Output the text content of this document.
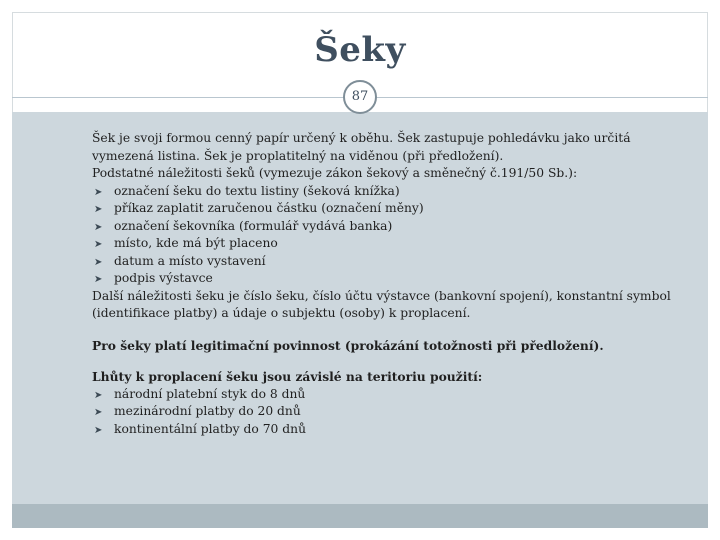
Šeky
87

Šek je svoji formou cenný papír určený k oběhu. Šek zastupuje pohledávku jako určitá vymezená listina. Šek je proplatitelný na viděnou (při předložení).

Podstatné náležitosti šeků (vymezuje zákon šekový a směnečný č.191/50 Sb.):

➤ označení šeku do textu listiny (šeková knížka)
➤ příkaz zaplatit zaručenou částku (označení měny)
➤ označení šekovníka (formulář vydává banka)
➤ místo, kde má být placeno
➤ datum a místo vystavení
➤ podpis výstavce

Další náležitosti šeku je číslo šeku, číslo účtu výstavce (bankovní spojení), konstantní symbol (identifikace platby) a údaje o subjektu (osoby) k proplacení.

Pro šeky platí legitimační povinnost (prokázání totožnosti při předložení).

Lhůty k proplacení šeku jsou závislé na teritoriu použití:

➤ národní platební styk do 8 dnů
➤ mezinárodní platby do 20 dnů
➤ kontinentální platby do 70 dnů
